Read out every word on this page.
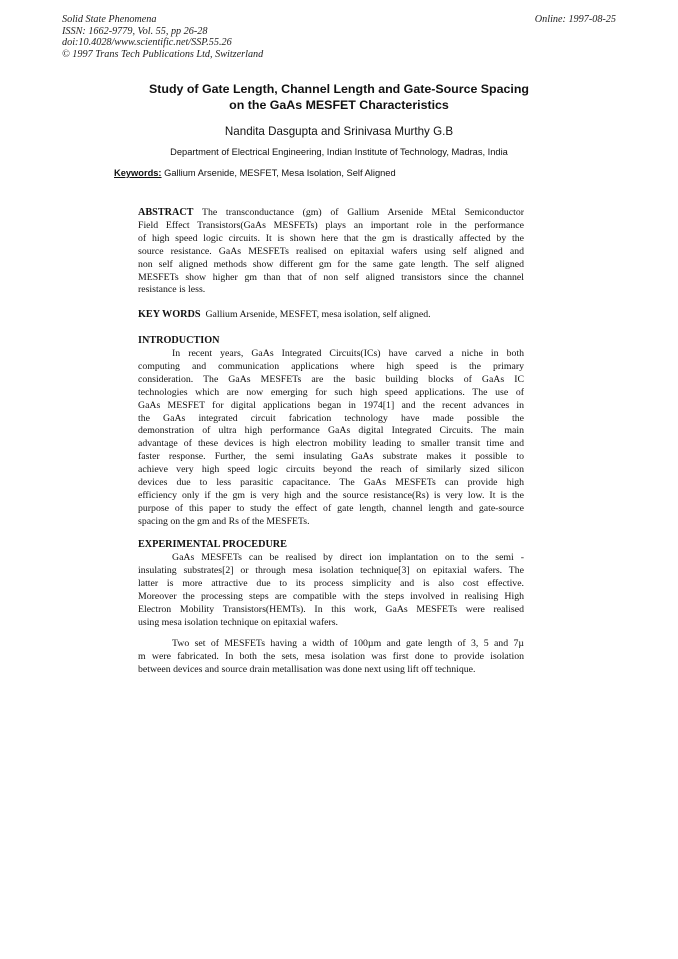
Solid State Phenomena
ISSN: 1662-9779, Vol. 55, pp 26-28
doi:10.4028/www.scientific.net/SSP.55.26
© 1997 Trans Tech Publications Ltd, Switzerland
Online: 1997-08-25
Study of Gate Length, Channel Length and Gate-Source Spacing
on the GaAs MESFET Characteristics
Nandita Dasgupta and Srinivasa Murthy G.B
Department of Electrical Engineering, Indian Institute of Technology, Madras, India
Keywords: Gallium Arsenide, MESFET, Mesa Isolation, Self Aligned
ABSTRACT The transconductance (gm) of Gallium Arsenide MEtal Semiconductor
Field Effect Transistors(GaAs MESFETs) plays an important role in the performance
of high speed logic circuits. It is shown here that the gm is drastically affected by the
source resistance. GaAs MESFETs realised on epitaxial wafers using self aligned and
non self aligned methods show different gm for the same gate length. The self aligned
MESFETs show higher gm than that of non self aligned transistors since the channel
resistance is less.
KEY WORDS Gallium Arsenide, MESFET, mesa isolation, self aligned.
INTRODUCTION
In recent years, GaAs Integrated Circuits(ICs) have carved a niche in both
computing and communication applications where high speed is the primary
consideration. The GaAs MESFETs are the basic building blocks of GaAs IC
technologies which are now emerging for such high speed applications. The use of
GaAs MESFET for digital applications began in 1974[1] and the recent advances in
the GaAs integrated circuit fabrication technology have made possible the
demonstration of ultra high performance GaAs digital Integrated Circuits. The main
advantage of these devices is high electron mobility leading to smaller transit time and
faster response. Further, the semi insulating GaAs substrate makes it possible to
achieve very high speed logic circuits beyond the reach of similarly sized silicon
devices due to less parasitic capacitance. The GaAs MESFETs can provide high
efficiency only if the gm is very high and the source resistance(Rs) is very low. It is the
purpose of this paper to study the effect of gate length, channel length and gate-source
spacing on the gm and Rs of the MESFETs.
EXPERIMENTAL PROCEDURE
GaAs MESFETs can be realised by direct ion implantation on to the semi -
insulating substrates[2] or through mesa isolation technique[3] on epitaxial wafers. The
latter is more attractive due to its process simplicity and is also cost effective.
Moreover the processing steps are compatible with the steps involved in realising High
Electron Mobility Transistors(HEMTs). In this work, GaAs MESFETs were realised
using mesa isolation technique on epitaxial wafers.
Two set of MESFETs having a width of 100µm and gate length of 3, 5 and 7µ
m were fabricated. In both the sets, mesa isolation was first done to provide isolation
between devices and source drain metallisation was done next using lift off technique.
